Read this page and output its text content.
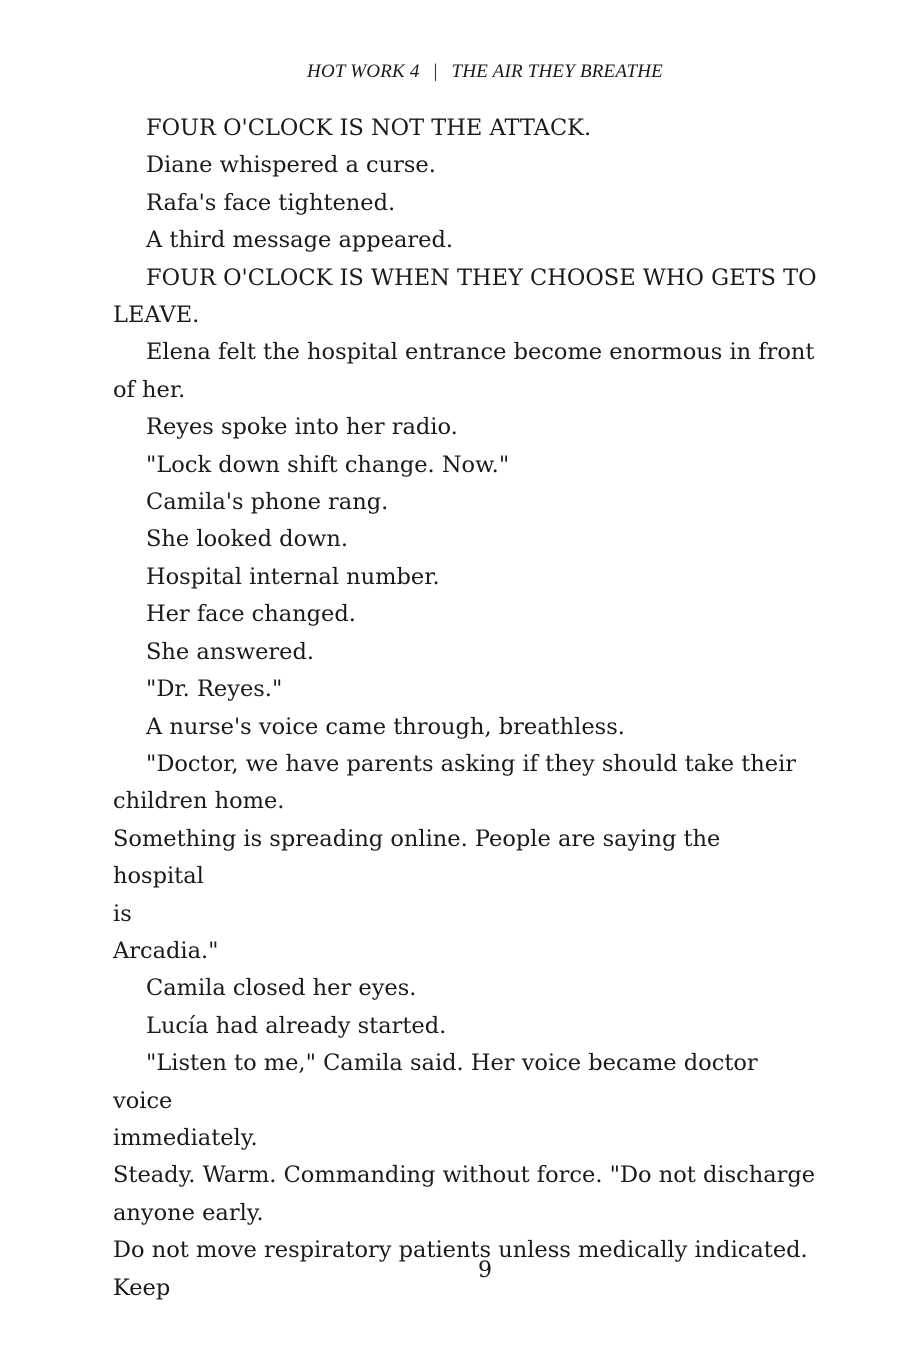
HOT WORK 4 | THE AIR THEY BREATHE

FOUR O'CLOCK IS NOT THE ATTACK.

Diane whispered a curse.

Rafa's face tightened.

A third message appeared.

FOUR O'CLOCK IS WHEN THEY CHOOSE WHO GETS TO

LEAVE.

Elena felt the hospital entrance become enormous in front

of her.

Reyes spoke into her radio.

"Lock down shift change. Now."

Camila's phone rang.

She looked down.

Hospital internal number.

Her face changed.

She answered.

"Dr. Reyes."

A nurse's voice came through, breathless.

"Doctor, we have parents asking if they should take their

children home.

Something is spreading online. People are saying the hospital

is

Arcadia."

Camila closed her eyes.

Lucía had already started.

"Listen to me," Camila said. Her voice became doctor voice

immediately.

Steady. Warm. Commanding without force. "Do not discharge

anyone early.

Do not move respiratory patients unless medically indicated.

Keep

9
